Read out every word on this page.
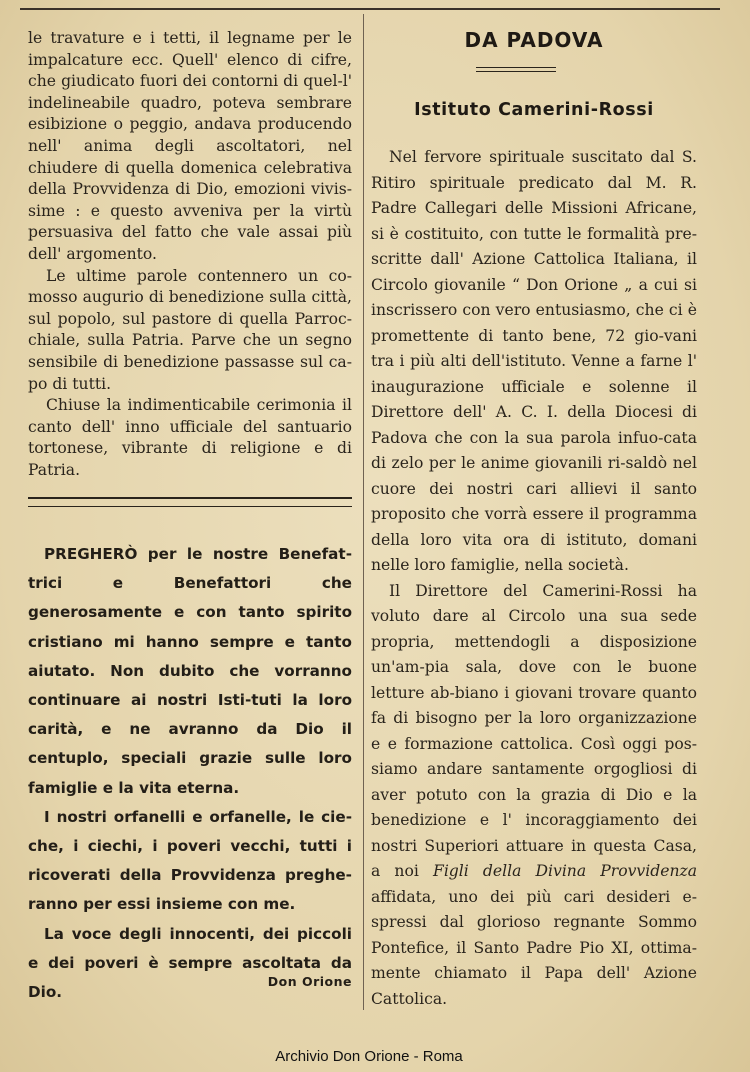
le travature e i tetti, il legname per le impalcature ecc. Quell' elenco di cifre, che giudicato fuori dei contorni di quel-l' indelineabile quadro, poteva sembrare esibizione o peggio, andava producendo nell' anima degli ascoltatori, nel chiudere di quella domenica celebrativa della Provvidenza di Dio, emozioni vivis-sime : e questo avveniva per la virtù persuasiva del fatto che vale assai più dell' argomento.

Le ultime parole contennero un co-mosso augurio di benedizione sulla città, sul popolo, sul pastore di quella Parroc-chiale, sulla Patria. Parve che un segno sensibile di benedizione passasse sul ca-po di tutti.

Chiuse la indimenticabile cerimonia il canto dell' inno ufficiale del santuario tortonese, vibrante di religione e di Patria.

PREGHERÒ per le nostre Benefat-trici e Benefattori che generosamente e con tanto spirito cristiano mi hanno sempre e tanto aiutato. Non dubito che vorranno continuare ai nostri Isti-tuti la loro carità, e ne avranno da Dio il centuplo, speciali grazie sulle loro famiglie e la vita eterna.

I nostri orfanelli e orfanelle, le cie-che, i ciechi, i poveri vecchi, tutti i ricoverati della Provvidenza preghe-ranno per essi insieme con me.

La voce degli innocenti, dei piccoli e dei poveri è sempre ascoltata da Dio.

Don Orione
DA PADOVA
Istituto Camerini-Rossi

Nel fervore spirituale suscitato dal S. Ritiro spirituale predicato dal M. R. Padre Callegari delle Missioni Africane, si è costituito, con tutte le formalità pre-scritte dall' Azione Cattolica Italiana, il Circolo giovanile “ Don Orione „ a cui si inscrissero con vero entusiasmo, che ci è promettente di tanto bene, 72 gio-vani tra i più alti dell'istituto. Venne a farne l' inaugurazione ufficiale e solenne il Direttore dell' A. C. I. della Diocesi di Padova che con la sua parola infuo-cata di zelo per le anime giovanili ri-saldò nel cuore dei nostri cari allievi il santo proposito che vorrà essere il programma della loro vita ora di istituto, domani nelle loro famiglie, nella società.

Il Direttore del Camerini-Rossi ha voluto dare al Circolo una sua sede propria, mettendogli a disposizione un'am-pia sala, dove con le buone letture ab-biano i giovani trovare quanto fa di bisogno per la loro organizzazione e e formazione cattolica. Così oggi pos-siamo andare santamente orgogliosi di aver potuto con la grazia di Dio e la benedizione e l' incoraggiamento dei nostri Superiori attuare in questa Casa, a noi Figli della Divina Provvidenza affidata, uno dei più cari desideri e-spressi dal glorioso regnante Sommo Pontefice, il Santo Padre Pio XI, ottima-mente chiamato il Papa dell' Azione Cattolica.

Archivio Don Orione - Roma
